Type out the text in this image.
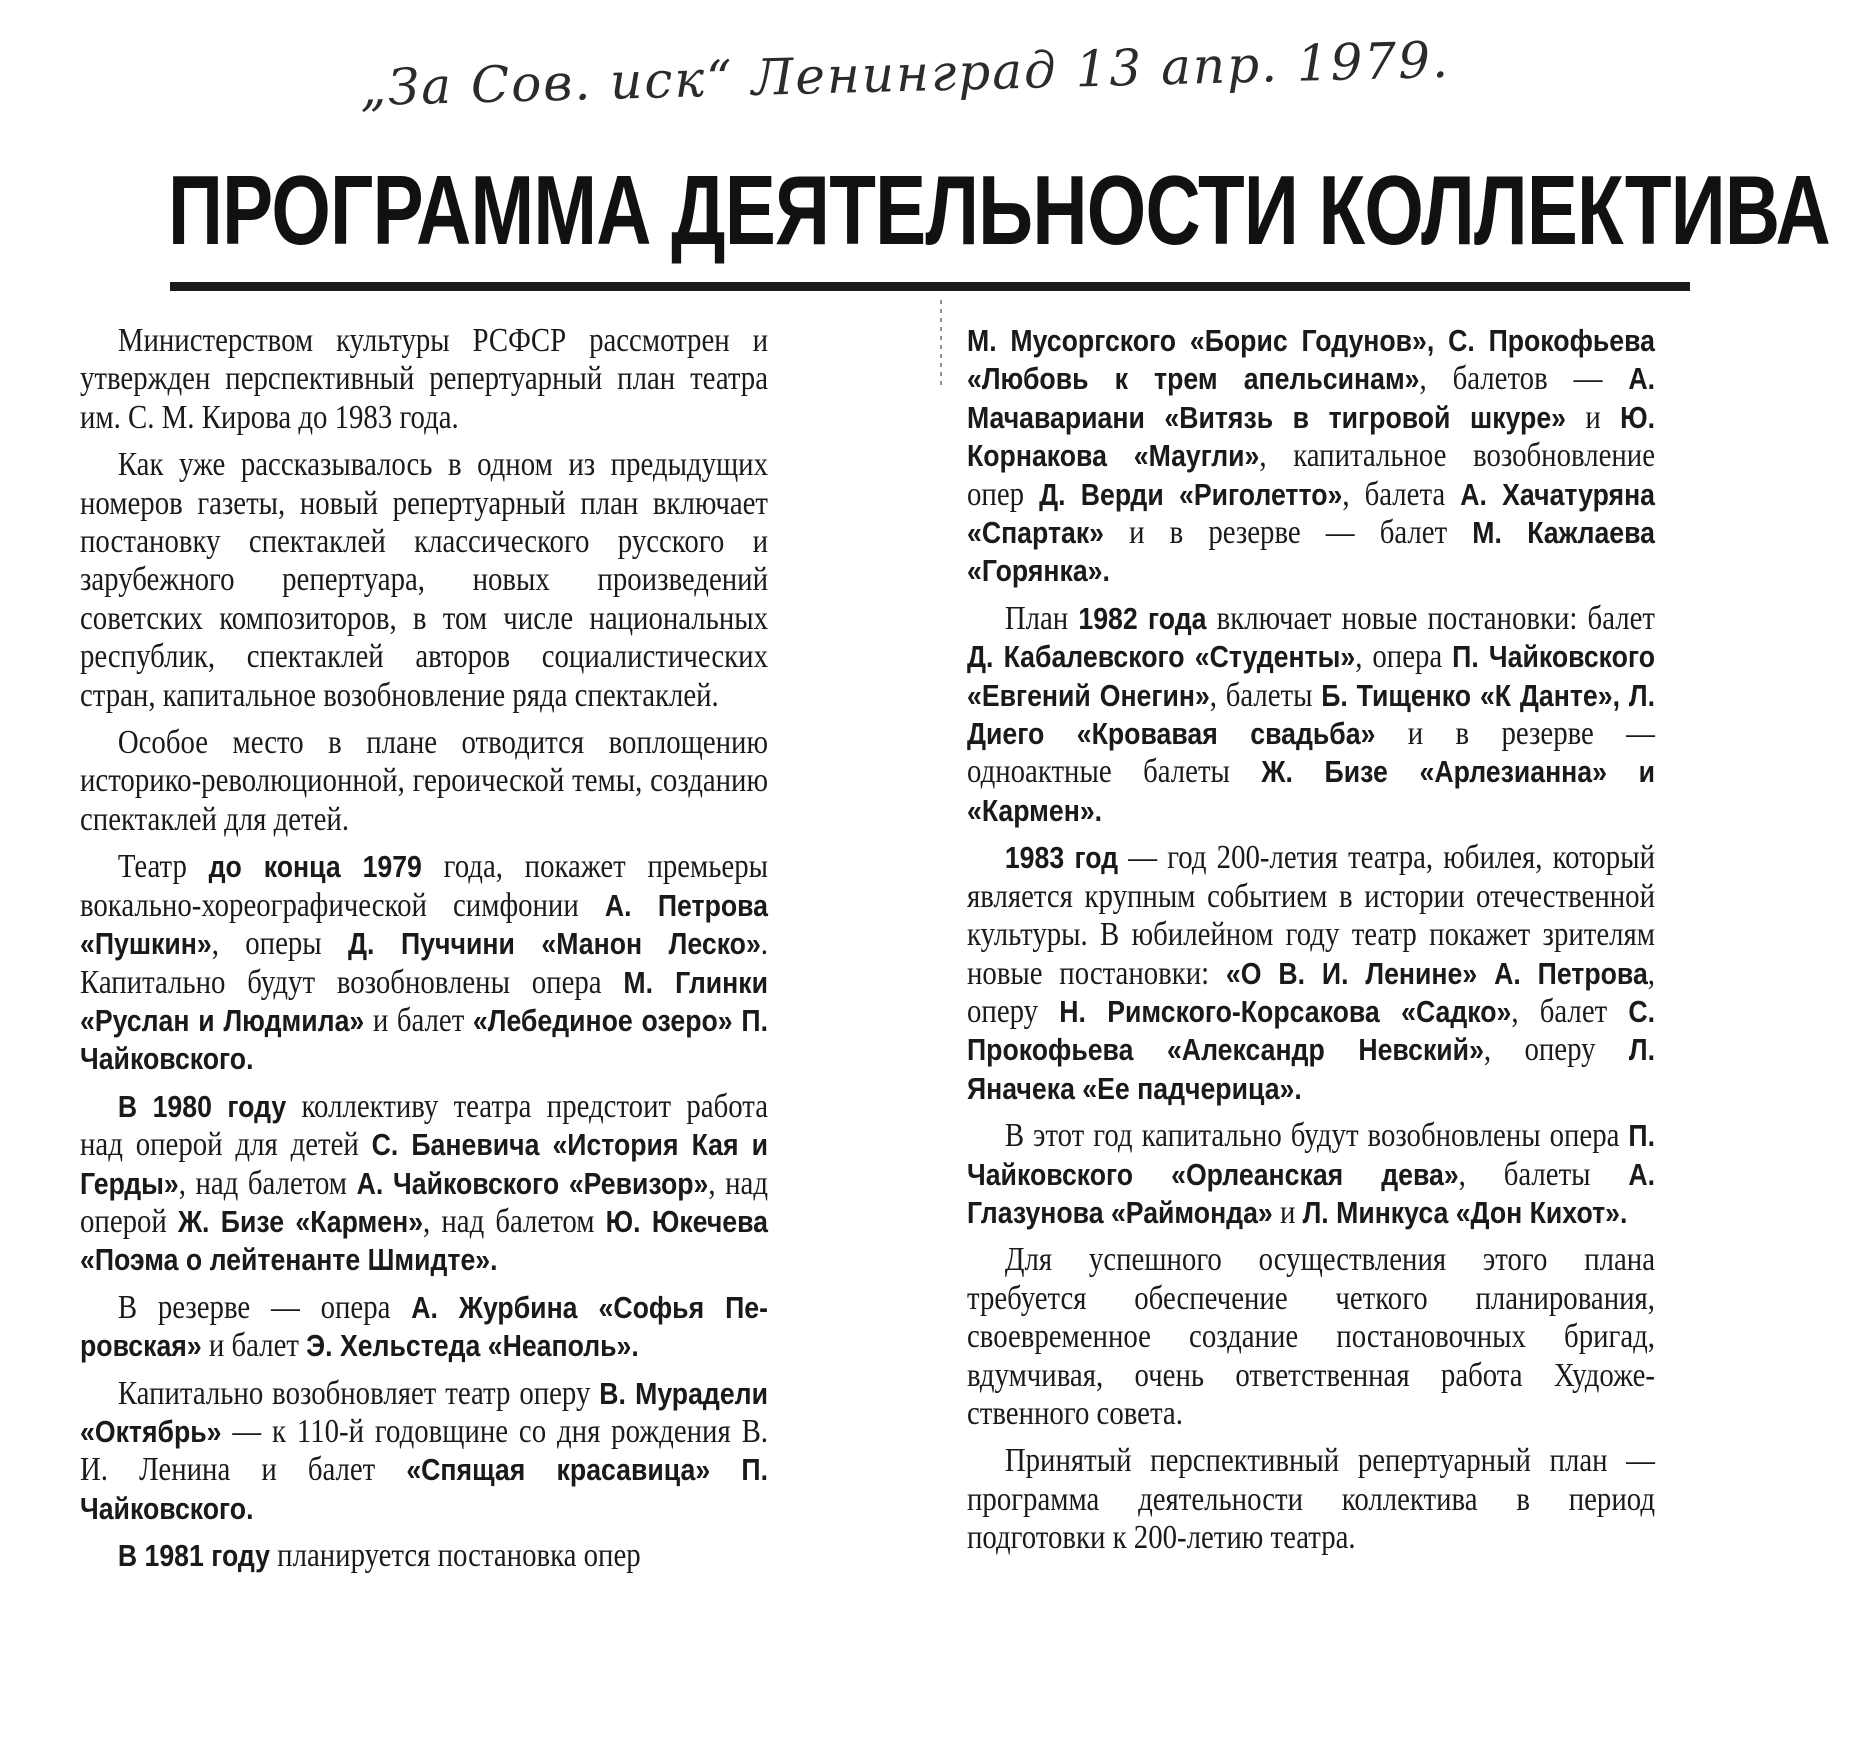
„За Сов. иск“ Ленинград 13 апр. 1979.
ПРОГРАММА ДЕЯТЕЛЬНОСТИ КОЛЛЕКТИВА

Министерством культуры РСФСР рассмотрен и утвержден перспективный репертуарный план театра им. С. М. Кирова до 1983 года.

Как уже рассказывалось в одном из предыдущих номеров газеты, новый репертуарный план включает постановку спектаклей классического русского и зарубежного репертуара, новых произведений советских композиторов, в том числе национальных республик, спектаклей авторов социалистических стран, капитальное возобновление ряда спектаклей.

Особое место в плане отводится воплощению историко-революционной, героической темы, созданию спектаклей для детей.

Театр до конца 1979 года, покажет премьеры вокально-хореографической симфонии А. Петрова «Пушкин», оперы Д. Пуччини «Манон Леско». Капитально будут возобновлены опера М. Глинки «Руслан и Людмила» и балет «Лебединое озеро» П. Чайковского.

В 1980 году коллективу театра предстоит работа над оперой для детей С. Баневича «История Кая и Герды», над балетом А. Чайковского «Ревизор», над оперой Ж. Бизе «Кармен», над балетом Ю. Юкечева «Поэма о лейтенанте Шмидте».

В резерве — опера А. Журбина «Софья Перовская» и балет Э. Хельстеда «Неаполь».

Капитально возобновляет театр оперу В. Мурадели «Октябрь» — к 110-й годовщине со дня рождения В. И. Ленина и балет «Спящая красавица» П. Чайковского.

В 1981 году планируется постановка опер

М. Мусоргского «Борис Годунов», С. Прокофьева «Любовь к трем апельсинам», балетов — А. Мачавариани «Витязь в тигровой шкуре» и Ю. Корнакова «Маугли», капитальное возобновление опер Д. Верди «Риголетто», балета А. Хачатуряна «Спартак» и в резерве — балет М. Кажлаева «Горянка».

План 1982 года включает новые постановки: балет Д. Кабалевского «Студенты», опера П. Чайковского «Евгений Онегин», балеты Б. Тищенко «К Данте», Л. Диего «Кровавая свадьба» и в резерве — одноактные балеты Ж. Бизе «Арлезианна» и «Кармен».

1983 год — год 200-летия театра, юбилея, который является крупным событием в истории отечественной культуры. В юбилейном году театр покажет зрителям новые постановки: «О В. И. Ленине» А. Петрова, оперу Н. Римского-Корсакова «Садко», балет С. Прокофьева «Александр Невский», оперу Л. Яначека «Ее падчерица».

В этот год капитально будут возобновлены опера П. Чайковского «Орлеанская дева», балеты А. Глазунова «Раймонда» и Л. Минкуса «Дон Кихот».

Для успешного осуществления этого плана требуется обеспечение четкого планирования, своевременное создание постановочных бригад, вдумчивая, очень ответственная работа Художественного совета.

Принятый перспективный репертуарный план — программа деятельности коллектива в период подготовки к 200-летию театра.
